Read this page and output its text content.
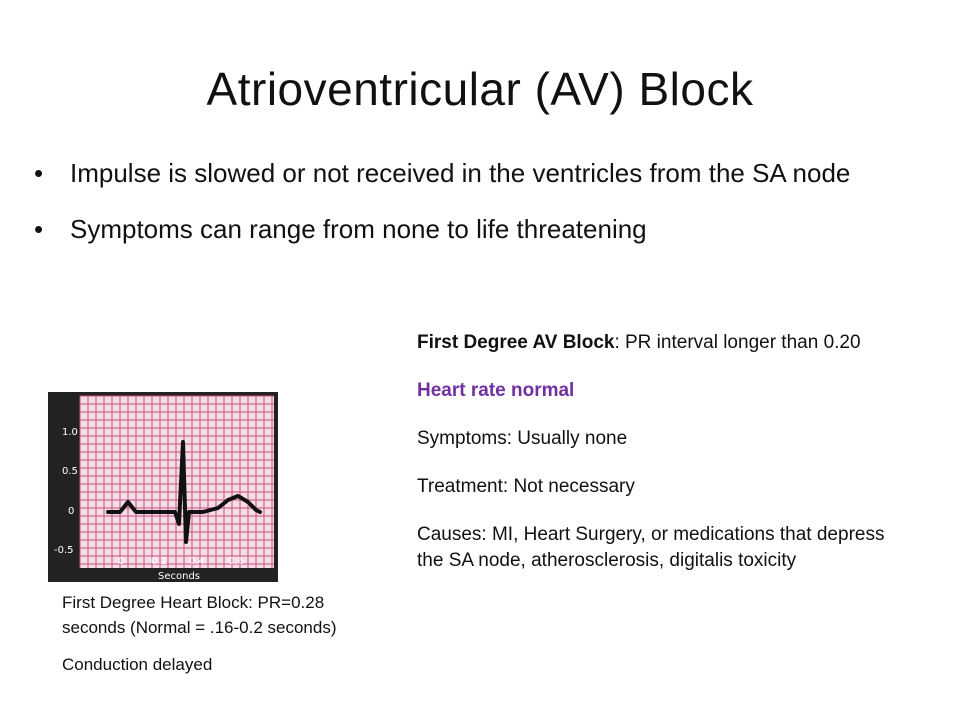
Atrioventricular (AV) Block
• Impulse is slowed or not received in the ventricles from the SA node
• Symptoms can range from none to life threatening

First Degree AV Block: PR interval longer than 0.20

Heart rate normal

Symptoms: Usually none

Treatment: Not necessary

Causes: MI, Heart Surgery, or medications that depress the SA node, atherosclerosis, digitalis toxicity

1.0
0.5
0
-0.5
0	0.2 0.4 0.6
Seconds

First Degree Heart Block: PR=0.28 seconds (Normal = .16-0.2 seconds)

Conduction delayed
